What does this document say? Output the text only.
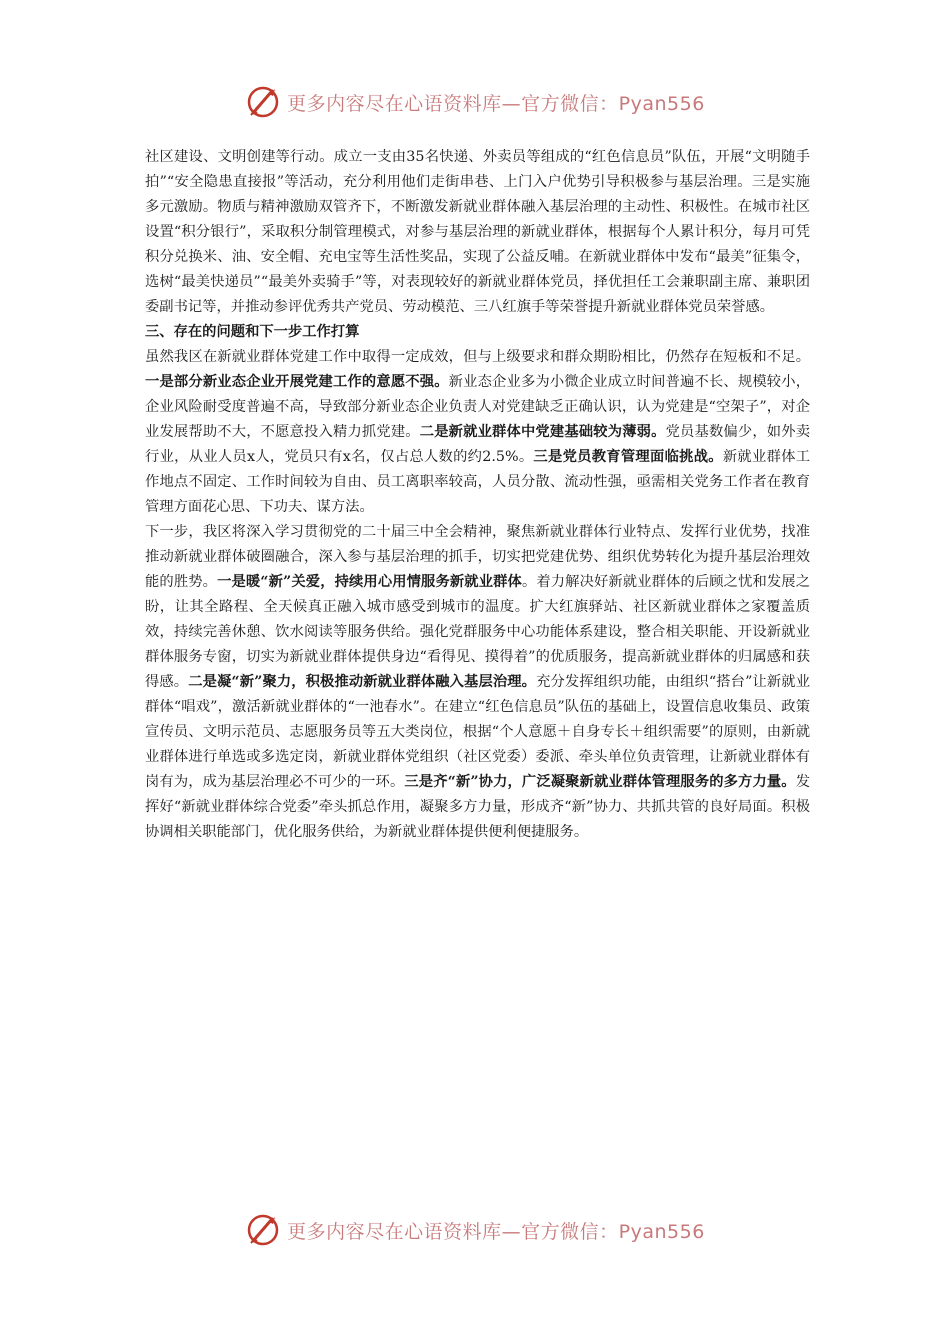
更多内容尽在心语资料库—官方微信：Pyan556

社区建设、文明创建等行动。成立一支由35名快递、外卖员等组成的“红色信息员”队伍，开展“文明随手拍”“安全隐患直接报”等活动，充分利用他们走街串巷、上门入户优势引导积极参与基层治理。三是实施多元激励。物质与精神激励双管齐下，不断激发新就业群体融入基层治理的主动性、积极性。在城市社区设置“积分银行”，采取积分制管理模式，对参与基层治理的新就业群体，根据每个人累计积分，每月可凭积分兑换米、油、安全帽、充电宝等生活性奖品，实现了公益反哺。在新就业群体中发布“最美”征集令，选树“最美快递员”“最美外卖骑手”等，对表现较好的新就业群体党员，择优担任工会兼职副主席、兼职团委副书记等，并推动参评优秀共产党员、劳动模范、三八红旗手等荣誉提升新就业群体党员荣誉感。

三、存在的问题和下一步工作打算

虽然我区在新就业群体党建工作中取得一定成效，但与上级要求和群众期盼相比，仍然存在短板和不足。一是部分新业态企业开展党建工作的意愿不强。新业态企业多为小微企业成立时间普遍不长、规模较小，企业风险耐受度普遍不高，导致部分新业态企业负责人对党建缺乏正确认识，认为党建是“空架子”，对企业发展帮助不大，不愿意投入精力抓党建。二是新就业群体中党建基础较为薄弱。党员基数偏少，如外卖行业，从业人员x人，党员只有x名，仅占总人数的约2.5%。三是党员教育管理面临挑战。新就业群体工作地点不固定、工作时间较为自由、员工离职率较高，人员分散、流动性强，亟需相关党务工作者在教育管理方面花心思、下功夫、谋方法。

下一步，我区将深入学习贯彻党的二十届三中全会精神，聚焦新就业群体行业特点、发挥行业优势，找准推动新就业群体破圈融合，深入参与基层治理的抓手，切实把党建优势、组织优势转化为提升基层治理效能的胜势。一是暖“新”关爱，持续用心用情服务新就业群体。着力解决好新就业群体的后顾之忧和发展之盼，让其全路程、全天候真正融入城市感受到城市的温度。扩大红旗驿站、社区新就业群体之家覆盖质效，持续完善休憩、饮水阅读等服务供给。强化党群服务中心功能体系建设，整合相关职能、开设新就业群体服务专窗，切实为新就业群体提供身边“看得见、摸得着”的优质服务，提高新就业群体的归属感和获得感。二是凝“新”聚力，积极推动新就业群体融入基层治理。充分发挥组织功能，由组织“搭台”让新就业群体“唱戏”，激活新就业群体的“一池春水”。在建立“红色信息员”队伍的基础上，设置信息收集员、政策宣传员、文明示范员、志愿服务员等五大类岗位，根据“个人意愿＋自身专长＋组织需要”的原则，由新就业群体进行单选或多选定岗，新就业群体党组织（社区党委）委派、牵头单位负责管理，让新就业群体有岗有为，成为基层治理必不可少的一环。三是齐“新”协力，广泛凝聚新就业群体管理服务的多方力量。发挥好“新就业群体综合党委”牵头抓总作用，凝聚多方力量，形成齐“新”协力、共抓共管的良好局面。积极协调相关职能部门，优化服务供给，为新就业群体提供便利便捷服务。

更多内容尽在心语资料库—官方微信：Pyan556
